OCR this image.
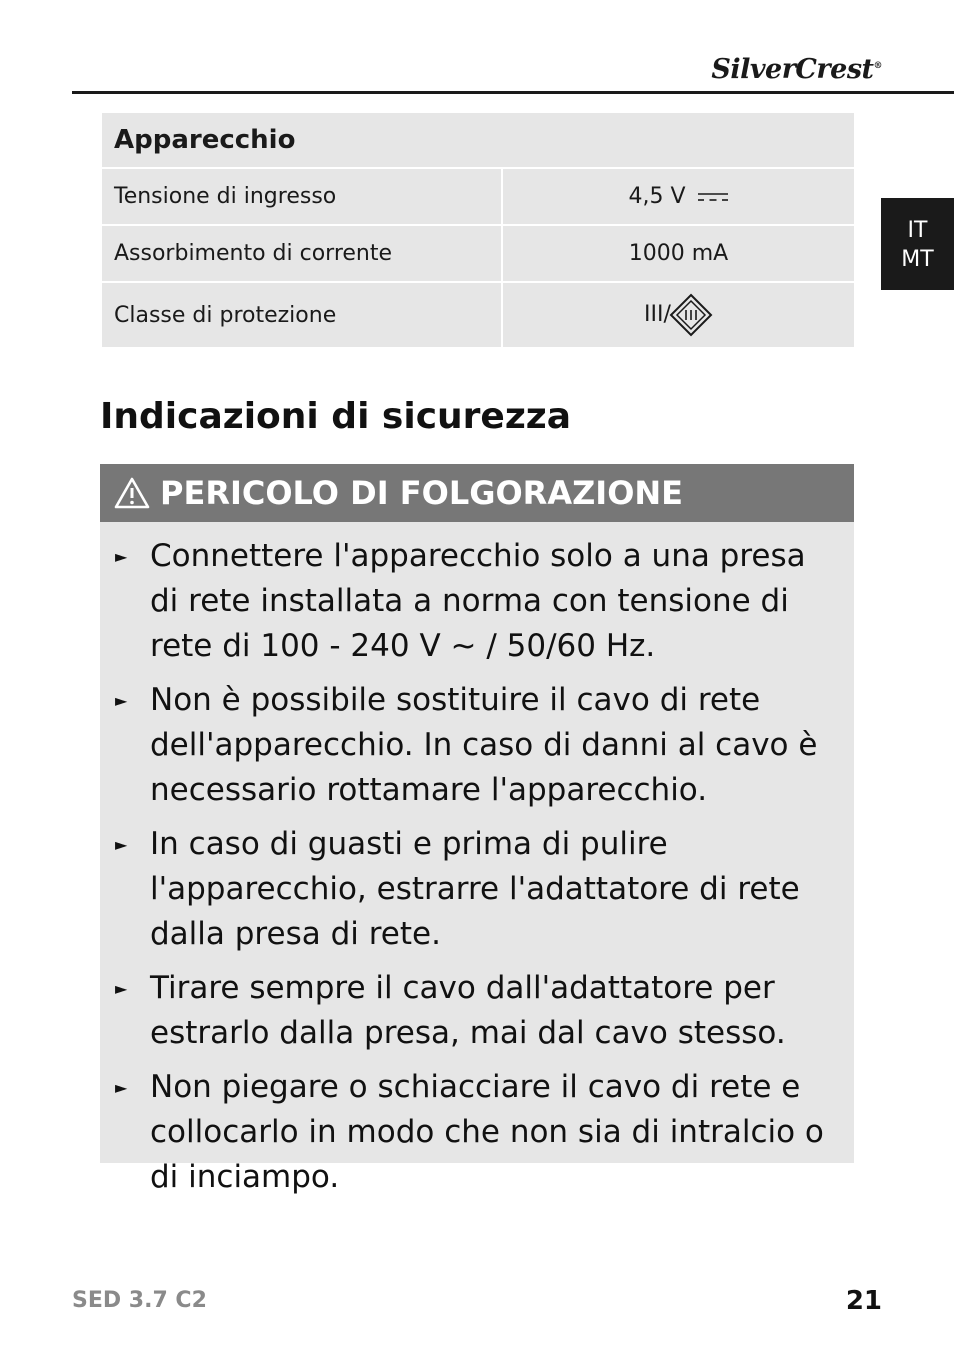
SilverCrest®
IT
MT
Apparecchio	
Tensione di ingresso	4,5 V
Assorbimento di corrente	1000 mA
Classe di protezione	III/
Indicazioni di sicurezza
PERICOLO DI FOLGORAZIONE
► Connettere l'apparecchio solo a una presa di rete installata a norma con tensione di rete di 100 - 240 V ~ / 50/60 Hz.
► Non è possibile sostituire il cavo di rete dell'apparecchio. In caso di danni al cavo è necessario rottamare l'apparecchio.
► In caso di guasti e prima di pulire l'apparecchio, estrarre l'adattatore di rete dalla presa di rete.
► Tirare sempre il cavo dall'adattatore per estrarlo dalla presa, mai dal cavo stesso.
► Non piegare o schiacciare il cavo di rete e collocarlo in modo che non sia di intralcio o di inciampo.
SED 3.7 C2	21
